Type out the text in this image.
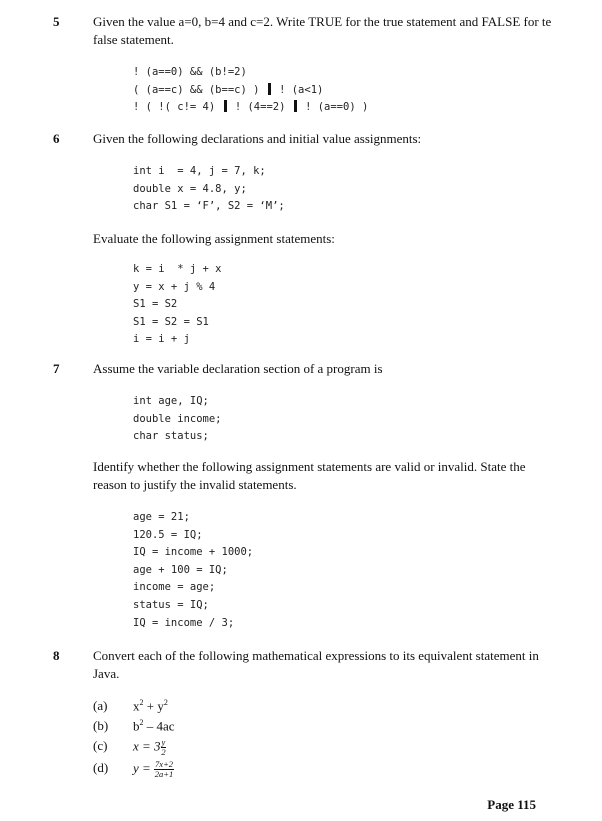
5	Given the value a=0, b=4 and c=2. Write TRUE for the true statement and FALSE for te false statement.
! (a==0) && (b!=2)
( (a==c) && (b==c) ) ! (a<1)
! ( !( c!= 4) ! (4==2) ! (a==0) )
6	Given the following declarations and initial value assignments:
int i  = 4, j = 7, k;
double x = 4.8, y;
char S1 = ‘F’, S2 = ‘M’;
Evaluate the following assignment statements:
k = i  * j + x
y = x + j % 4
S1 = S2
S1 = S2 = S1
i = i + j
7	Assume the variable declaration section of a program is
int age, IQ;
double income;
char status;
Identify whether the following assignment statements are valid or invalid. State the reason to justify the invalid statements.
age = 21;
120.5 = IQ;
IQ = income + 1000;
age + 100 = IQ;
income = age;
status = IQ;
IQ = income / 3;
8	Convert each of the following mathematical expressions to its equivalent statement in Java.
(a) $x^2 + y^2$
(b) $b^2 - 4ac$
(c) $x = 3 \frac{y}{2}$
(d) $y = \frac{7x+2}{2a+1}$
Page 115
